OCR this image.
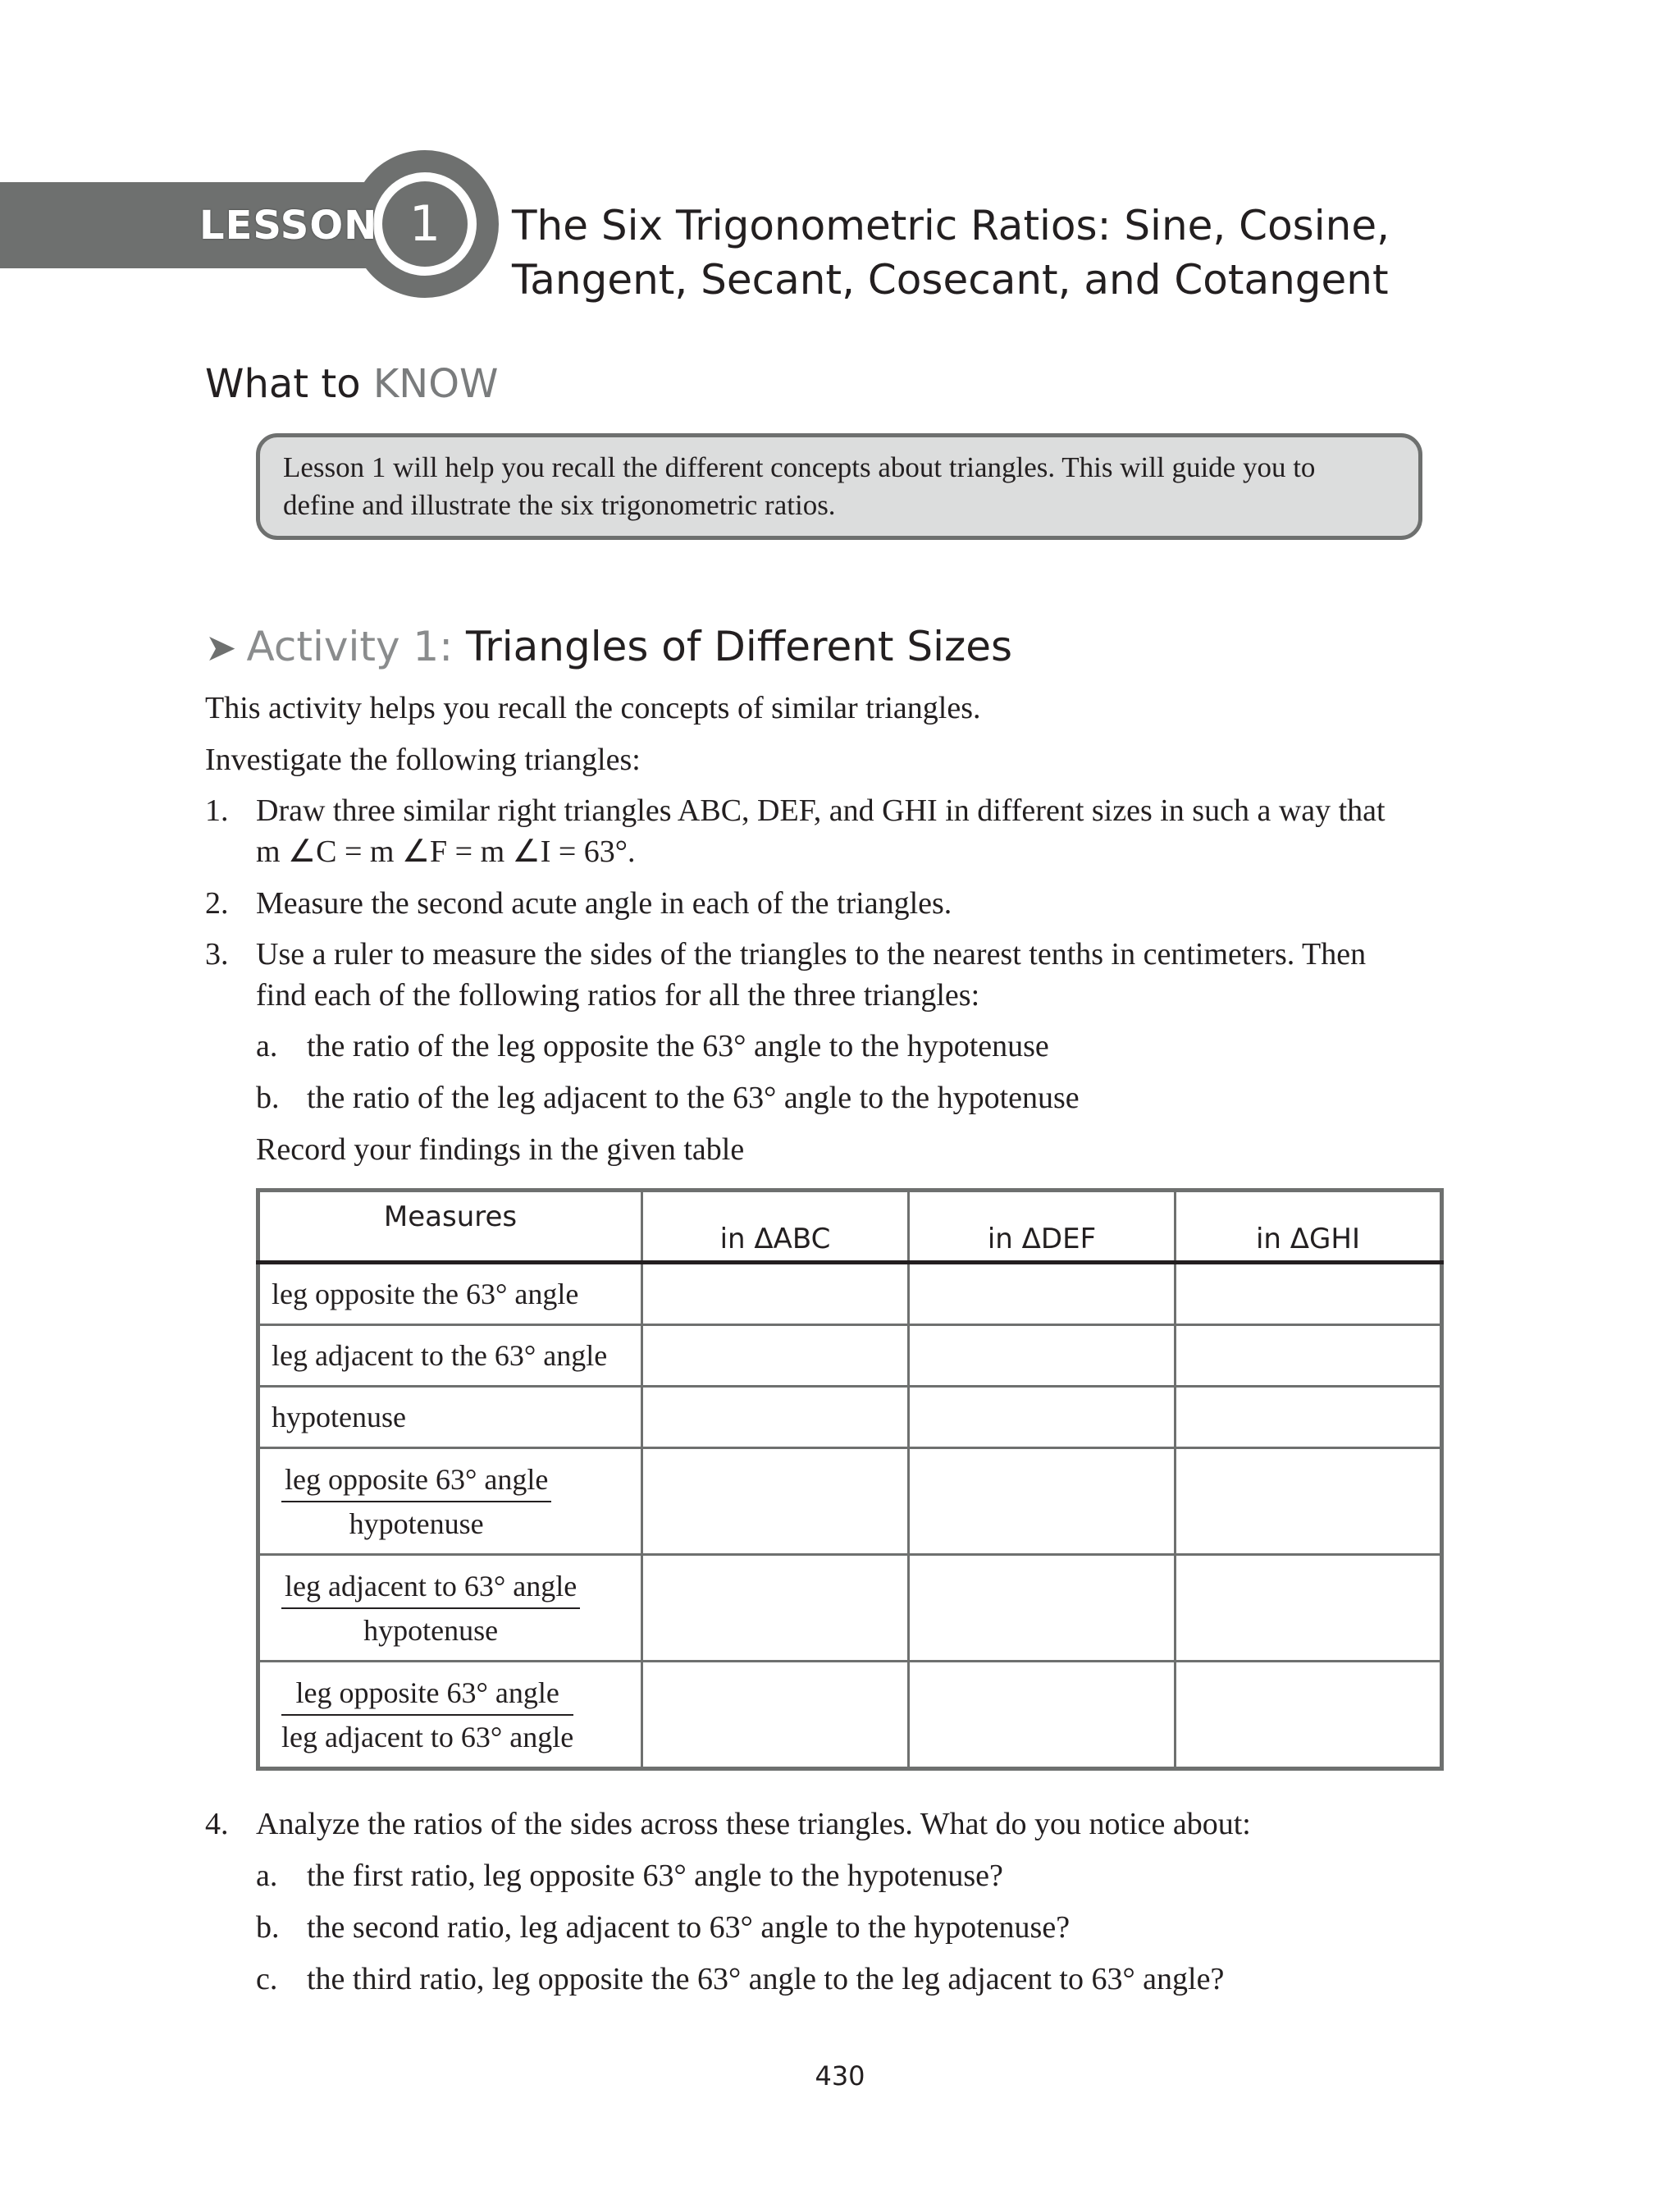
1
LESSON	The Six Trigonometric Ratios: Sine, Cosine,
Tangent, Secant, Cosecant, and Cotangent
What to KNOW
Lesson 1 will help you recall the different concepts about triangles. This will guide you to
define and illustrate the six trigonometric ratios.
➤ Activity 1: Triangles of Different Sizes
This activity helps you recall the concepts of similar triangles.
Investigate the following triangles:
1. Draw three similar right triangles ABC, DEF, and GHI in different sizes in such a way that
m ∠C = m ∠F = m ∠I = 63°.
2. Measure the second acute angle in each of the triangles.
3. Use a ruler to measure the sides of the triangles to the nearest tenths in centimeters. Then
find each of the following ratios for all the three triangles:
a. the ratio of the leg opposite the 63° angle to the hypotenuse
b. the ratio of the leg adjacent to the 63° angle to the hypotenuse
Record your findings in the given table
Measures	in ΔABC	in ΔDEF	in ΔGHI
leg opposite the 63° angle			
leg adjacent to the 63° angle			
hypotenuse			

$\frac{\text{leg opposite 63° angle}}{\text{hypotenuse}}$

$\frac{\text{leg adjacent to 63° angle}}{\text{hypotenuse}}$

$\frac{\text{leg opposite 63° angle}}{\text{leg adjacent to 63° angle}}$

4. Analyze the ratios of the sides across these triangles. What do you notice about:
a. the first ratio, leg opposite 63° angle to the hypotenuse?
b. the second ratio, leg adjacent to 63° angle to the hypotenuse?
c. the third ratio, leg opposite the 63° angle to the leg adjacent to 63° angle?
430
